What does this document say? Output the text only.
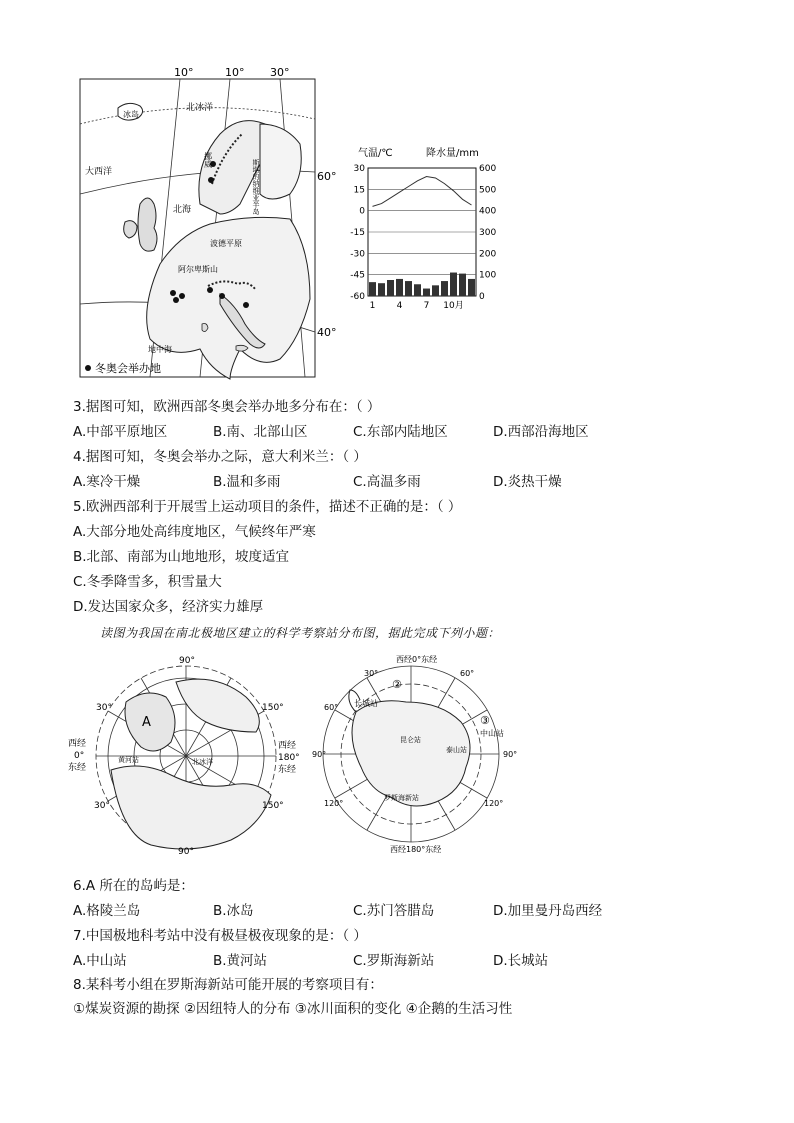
10°	10° 30°
60°
40°
冰岛
北冰洋
大西洋
北海
挪威	斯堪的纳维亚半岛
波德平原
阿尔卑斯山
地中海
冬奥会举办地
气温/℃	降水量/mm
30
15
0
-15
-30
-45
-60
600
500
400
300
200
100
0
1 4 7 10月
3.据图可知，欧洲西部冬奥会举办地多分布在：（ ）
A.中部平原地区	B.南、北部山区	C.东部内陆地区	D.西部沿海地区
4.据图可知，冬奥会举办之际，意大利米兰：（ ）
A.寒冷干燥	B.温和多雨	C.高温多雨	D.炎热干燥
5.欧洲西部利于开展雪上运动项目的条件，描述不正确的是：（ ）
A.大部分地处高纬度地区，气候终年严寒
B.北部、南部为山地地形，坡度适宜
C.冬季降雪多，积雪量大
D.发达国家众多，经济实力雄厚
读图为我国在南北极地区建立的科学考察站分布图，据此完成下列小题：
90°
30°	150°
西经
0°
东经
西经
180°
东经
30°	150°
90°
A
黄河站	北冰洋
西经0°东经
30°	60°
②
长城站
60°
③
中山站
90°	90°
昆仑站
泰山站
120°	120°
罗斯海新站
西经180°东经
6.A 所在的岛屿是：
A.格陵兰岛	B.冰岛	C.苏门答腊岛	D.加里曼丹岛西经
7.中国极地科考站中没有极昼极夜现象的是：（ ）
A.中山站	B.黄河站	C.罗斯海新站	D.长城站
8.某科考小组在罗斯海新站可能开展的考察项目有：
①煤炭资源的勘探 ②因纽特人的分布 ③冰川面积的变化 ④企鹅的生活习性
